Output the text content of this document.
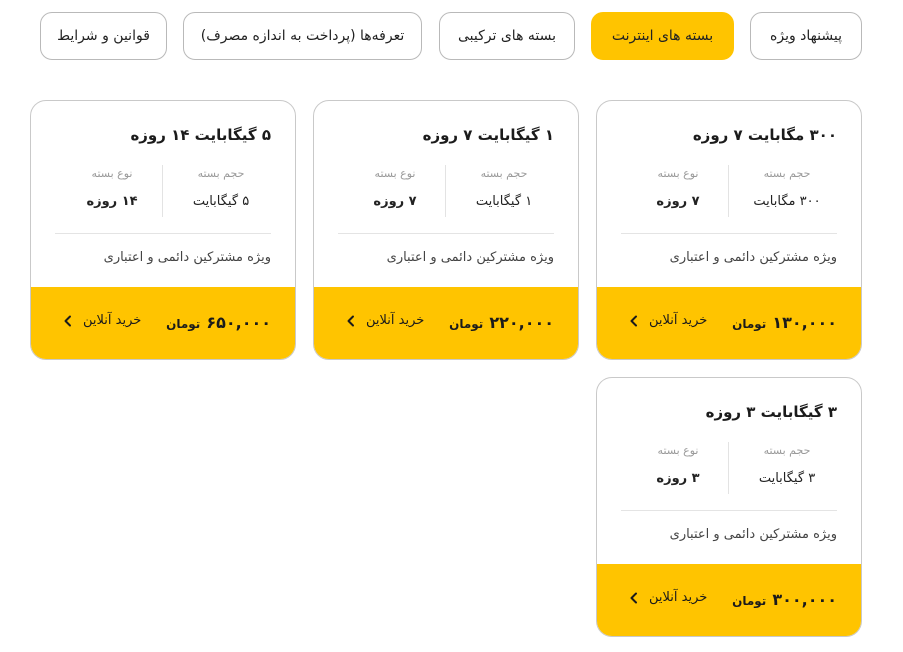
پیشنهاد ویژه
بسته های اینترنت
بسته های ترکیبی
تعرفه‌ها (پرداخت به اندازه مصرف)
قوانین و شرایط
۳۰۰ مگابایت ۷ روزه
حجم بسته
۳۰۰ مگابایت
نوع بسته
۷ روزه
ویژه مشترکین دائمی و اعتباری
۱۳۰,۰۰۰
تومان
خرید آنلاین
۱ گیگابایت ۷ روزه
حجم بسته
۱ گیگابایت
نوع بسته
۷ روزه
ویژه مشترکین دائمی و اعتباری
۲۲۰,۰۰۰
تومان
خرید آنلاین
۵ گیگابایت ۱۴ روزه
حجم بسته
۵ گیگابایت
نوع بسته
۱۴ روزه
ویژه مشترکین دائمی و اعتباری
۶۵۰,۰۰۰
تومان
خرید آنلاین
۳ گیگابایت ۳ روزه
حجم بسته
۳ گیگابایت
نوع بسته
۳ روزه
ویژه مشترکین دائمی و اعتباری
۳۰۰,۰۰۰
تومان
خرید آنلاین
